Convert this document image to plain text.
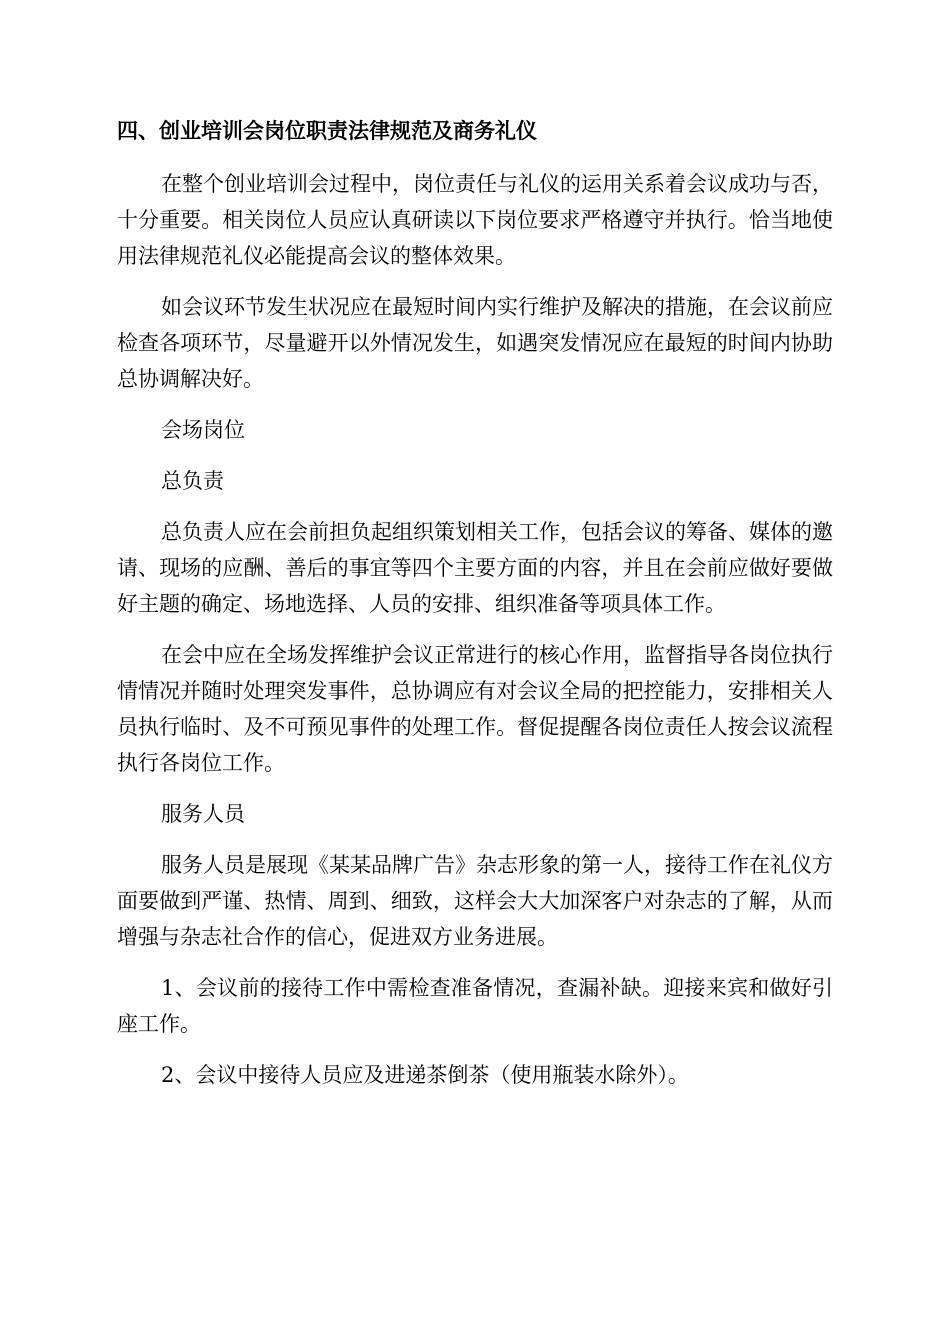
四、创业培训会岗位职责法律规范及商务礼仪

在整个创业培训会过程中，岗位责任与礼仪的运用关系着会议成功与否，十分重要。相关岗位人员应认真研读以下岗位要求严格遵守并执行。恰当地使用法律规范礼仪必能提高会议的整体效果。

如会议环节发生状况应在最短时间内实行维护及解决的措施，在会议前应检查各项环节，尽量避开以外情况发生，如遇突发情况应在最短的时间内协助总协调解决好。

会场岗位

总负责

总负责人应在会前担负起组织策划相关工作，包括会议的筹备、媒体的邀请、现场的应酬、善后的事宜等四个主要方面的内容，并且在会前应做好要做好主题的确定、场地选择、人员的安排、组织准备等项具体工作。

在会中应在全场发挥维护会议正常进行的核心作用，监督指导各岗位执行情情况并随时处理突发事件，总协调应有对会议全局的把控能力，安排相关人员执行临时、及不可预见事件的处理工作。督促提醒各岗位责任人按会议流程执行各岗位工作。

服务人员

服务人员是展现《某某品牌广告》杂志形象的第一人，接待工作在礼仪方面要做到严谨、热情、周到、细致，这样会大大加深客户对杂志的了解，从而增强与杂志社合作的信心，促进双方业务进展。

1、会议前的接待工作中需检查准备情况，查漏补缺。迎接来宾和做好引座工作。

2、会议中接待人员应及进递茶倒茶（使用瓶装水除外）。
